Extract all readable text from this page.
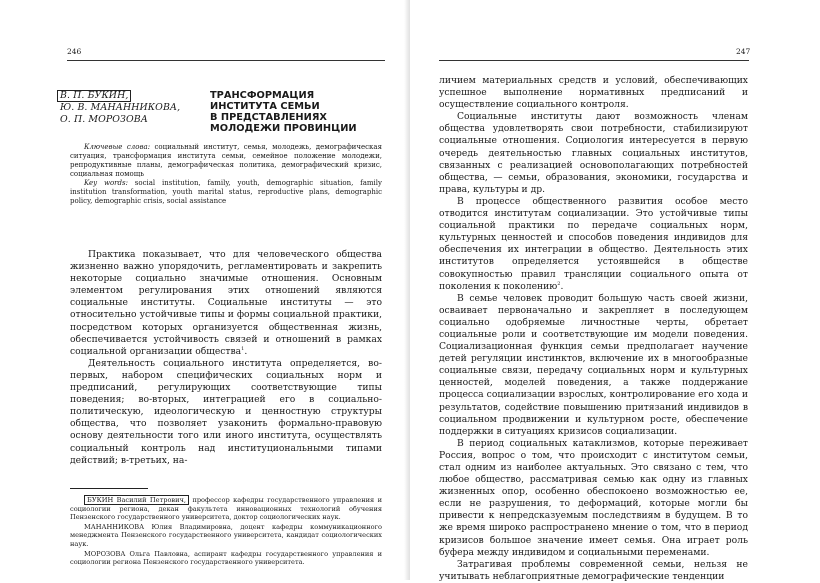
246
В. П. БУКИН,
Ю. В. МАНАННИКОВА,
О. П. МОРОЗОВА
ТРАНСФОРМАЦИЯ
ИНСТИТУТА СЕМЬИ
В ПРЕДСТАВЛЕНИЯХ
МОЛОДЕЖИ ПРОВИНЦИИ

Ключевые слова: социальный институт, семья, молодежь, демографическая ситуация, трансформация института семьи, семейное положение молодежи, репродуктивные планы, демографическая политика, демографический кризис, социальная помощь

Key words: social institution, family, youth, demographic situation, family institution transformation, youth marital status, reproductive plans, demographic policy, demographic crisis, social assistance

Практика показывает, что для человеческого общества жизненно важно упорядочить, регламентировать и закрепить некоторые социально значимые отношения. Основным элементом регулирования этих отношений являются социальные институты. Социальные институты — это относительно устойчивые типы и формы социальной практики, посредством которых организуется общественная жизнь, обеспечивается устойчивость связей и отношений в рамках социальной организации общества$^1$.

Деятельность социального института определяется, во-первых, набором специфических социальных норм и предписаний, регулирующих соответствующие типы поведения; во-вторых, интеграцией его в социально-политическую, идеологическую и ценностную структуры общества, что позволяет узаконить формально-правовую основу деятельности того или иного института, осуществлять социальный контроль над институциональными типами действий; в-третьих, на-

БУКИН Василий Петрович, профессор кафедры государственного управления и социологии региона, декан факультета инновационных технологий обучения Пензенского государственного университета, доктор социологических наук.

МАНАННИКОВА Юлия Владимировна, доцент кафедры коммуникационного менеджмента Пензенского государственного университета, кандидат социологических наук.

МОРОЗОВА Ольга Павловна, аспирант кафедры государственного управления и социологии региона Пензенского государственного университета.

247

личием материальных средств и условий, обеспечивающих успешное выполнение нормативных предписаний и осуществление социального контроля.

Социальные институты дают возможность членам общества удовлетворять свои потребности, стабилизируют социальные отношения. Социология интересуется в первую очередь деятельностью главных социальных институтов, связанных с реализацией основополагающих потребностей общества, — семьи, образования, экономики, государства и права, культуры и др.

В процессе общественного развития особое место отводится институтам социализации. Это устойчивые типы социальной практики по передаче социальных норм, культурных ценностей и способов поведения индивидов для обеспечения их интеграции в общество. Деятельность этих институтов определяется устоявшейся в обществе совокупностью правил трансляции социального опыта от поколения к поколению$^2$.

В семье человек проводит большую часть своей жизни, осваивает первоначально и закрепляет в последующем социально одобряемые личностные черты, обретает социальные роли и соответствующие им модели поведения. Социализационная функция семьи предполагает научение детей регуляции инстинктов, включение их в многообразные социальные связи, передачу социальных норм и культурных ценностей, моделей поведения, а также поддержание процесса социализации взрослых, контролирование его хода и результатов, содействие повышению притязаний индивидов в социальном продвижении и культурном росте, обеспечение поддержки в ситуациях кризисов социализации.

В период социальных катаклизмов, которые переживает Россия, вопрос о том, что происходит с институтом семьи, стал одним из наиболее актуальных. Это связано с тем, что любое общество, рассматривая семью как одну из главных жизненных опор, особенно обеспокоено возможностью ее, если не разрушения, то деформаций, которые могли бы привести к непредсказуемым последствиям в будущем. В то же время широко распространено мнение о том, что в период кризисов большое значение имеет семья. Она играет роль буфера между индивидом и социальными переменами.

Затрагивая проблемы современной семьи, нельзя не учитывать неблагоприятные демографические тенденции
